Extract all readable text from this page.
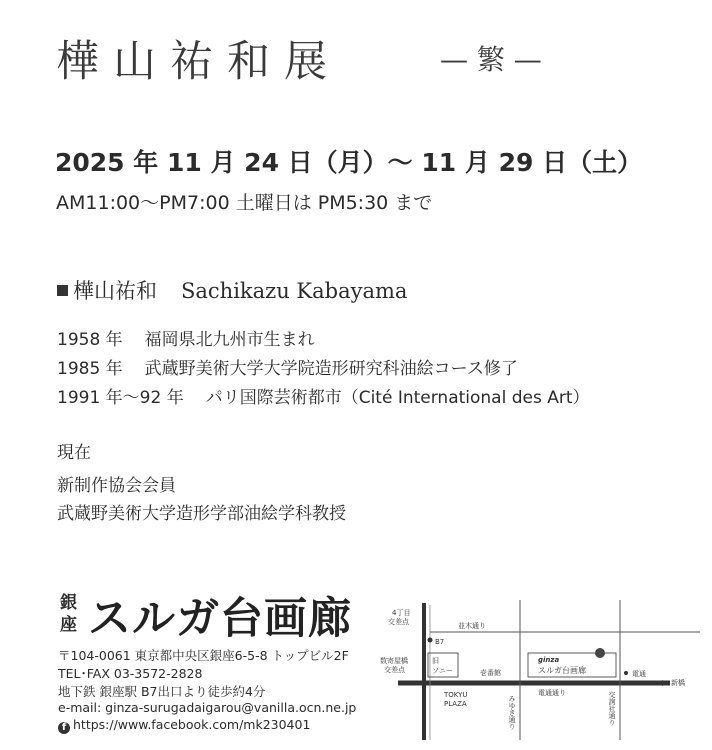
樺山祐和展	— 繁 —
2025 年 11 月 24 日（月）～ 11 月 29 日（土）
AM11:00～PM7:00 土曜日は PM5:30 まで
樺山祐和 Sachikazu Kabayama
1958 年 福岡県北九州市生まれ
1985 年 武蔵野美術大学大学院造形研究科油絵コース修了
1991 年～92 年 パリ国際芸術都市（Cité International des Art）
現在
新制作協会会員
武蔵野美術大学造形学部油絵学科教授
銀座 スルガ台画廊
〒104-0061 東京都中央区銀座6-5-8 トップビル2F
TEL･FAX 03-3572-2828
地下鉄 銀座駅 B7出口より徒歩約4分
e-mail: ginza-surugadaigarou@vanilla.ocn.ne.jp
f https://www.facebook.com/mk230401
4丁目
交差点	並木通り
B7
数寄屋橋
交差点
旧
ソニー	壱番館
ginza
スルガ台画廊	電通
新橋
TOKYU
PLAZA
電通通り
みゆき通り	交詢社通り
